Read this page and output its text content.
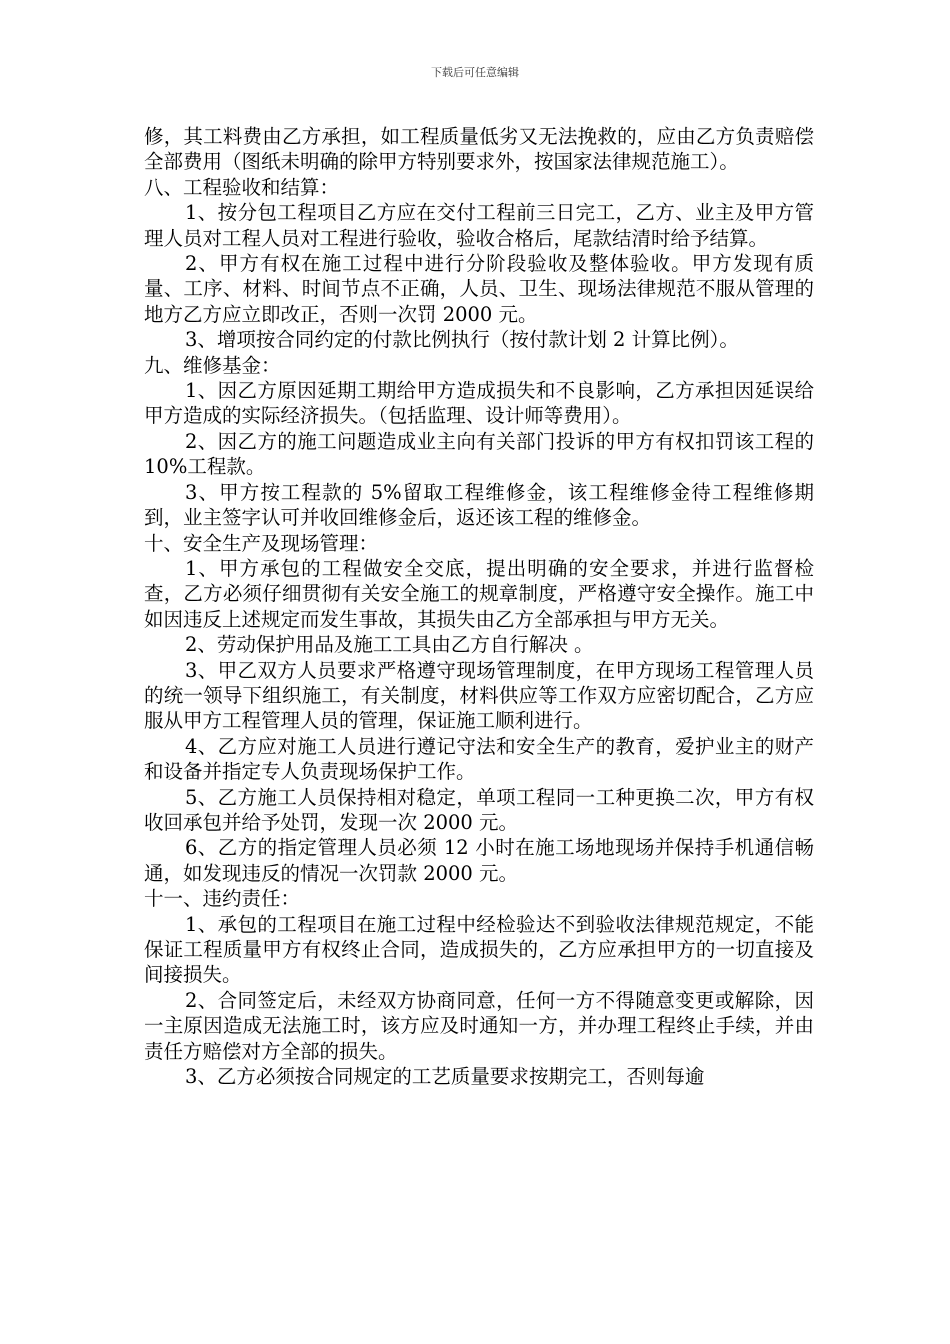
下载后可任意编辑

修，其工料费由乙方承担，如工程质量低劣又无法挽救的，应由乙方负责赔偿全部费用（图纸未明确的除甲方特别要求外，按国家法律规范施工）。

八、工程验收和结算：

1、按分包工程项目乙方应在交付工程前三日完工，乙方、业主及甲方管理人员对工程人员对工程进行验收，验收合格后，尾款结清时给予结算。

2、甲方有权在施工过程中进行分阶段验收及整体验收。甲方发现有质量、工序、材料、时间节点不正确，人员、卫生、现场法律规范不服从管理的地方乙方应立即改正，否则一次罚 2000 元。

3、增项按合同约定的付款比例执行（按付款计划 2 计算比例）。

九、维修基金：

1、因乙方原因延期工期给甲方造成损失和不良影响，乙方承担因延误给甲方造成的实际经济损失。（包括监理、设计师等费用）。

2、因乙方的施工问题造成业主向有关部门投诉的甲方有权扣罚该工程的 10%工程款。

3、甲方按工程款的 5%留取工程维修金，该工程维修金待工程维修期到，业主签字认可并收回维修金后，返还该工程的维修金。

十、安全生产及现场管理：

1、甲方承包的工程做安全交底，提出明确的安全要求，并进行监督检查，乙方必须仔细贯彻有关安全施工的规章制度，严格遵守安全操作。施工中如因违反上述规定而发生事故，其损失由乙方全部承担与甲方无关。

2、劳动保护用品及施工工具由乙方自行解决 。

3、甲乙双方人员要求严格遵守现场管理制度，在甲方现场工程管理人员的统一领导下组织施工，有关制度，材料供应等工作双方应密切配合，乙方应服从甲方工程管理人员的管理，保证施工顺利进行。

4、乙方应对施工人员进行遵记守法和安全生产的教育，爱护业主的财产和设备并指定专人负责现场保护工作。

5、乙方施工人员保持相对稳定，单项工程同一工种更换二次，甲方有权收回承包并给予处罚，发现一次 2000 元。

6、乙方的指定管理人员必须 12 小时在施工场地现场并保持手机通信畅通，如发现违反的情况一次罚款 2000 元。

十一、违约责任：

1、承包的工程项目在施工过程中经检验达不到验收法律规范规定，不能保证工程质量甲方有权终止合同，造成损失的，乙方应承担甲方的一切直接及间接损失。

2、合同签定后，未经双方协商同意，任何一方不得随意变更或解除，因一主原因造成无法施工时，该方应及时通知一方，并办理工程终止手续，并由责任方赔偿对方全部的损失。

3、乙方必须按合同规定的工艺质量要求按期完工，否则每逾
